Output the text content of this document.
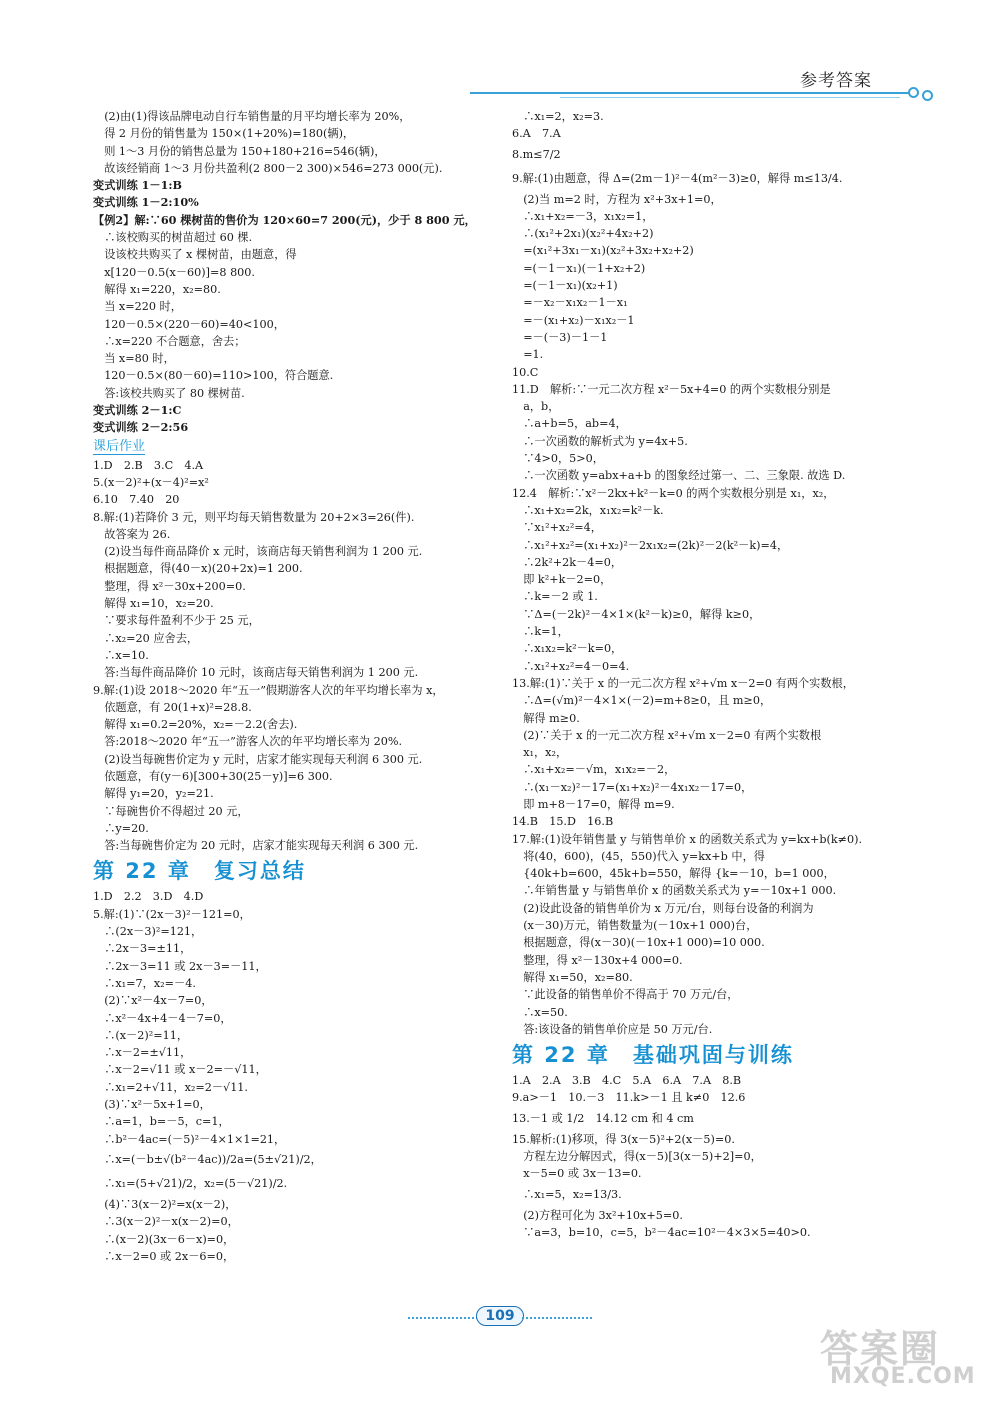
参考答案
　(2)由(1)得该品牌电动自行车销售量的月平均增长率为 20%，
　得 2 月份的销售量为 150×(1+20%)=180(辆)，
　则 1～3 月份的销售总量为 150+180+216=546(辆)，
　故该经销商 1～3 月份共盈利(2 800－2 300)×546=273 000(元).
变式训练 1－1:B
变式训练 1－2:10%
【例2】解:∵60 棵树苗的售价为 120×60=7 200(元)，少于 8 800 元，
　∴该校购买的树苗超过 60 棵.
　设该校共购买了 x 棵树苗，由题意，得
　x[120－0.5(x－60)]=8 800.
　解得 x₁=220，x₂=80.
　当 x=220 时，
　120－0.5×(220－60)=40<100，
　∴x=220 不合题意，舍去；
　当 x=80 时，
　120－0.5×(80－60)=110>100，符合题意.
　答:该校共购买了 80 棵树苗.
变式训练 2－1:C
变式训练 2－2:56
课后作业
1.D　2.B　3.C　4.A
5.(x－2)²+(x－4)²=x²
6.10　7.40　20
8.解:(1)若降价 3 元，则平均每天销售数量为 20+2×3=26(件).
　故答案为 26.
　(2)设当每件商品降价 x 元时，该商店每天销售利润为 1 200 元.
　根据题意，得(40－x)(20+2x)=1 200.
　整理，得 x²－30x+200=0.
　解得 x₁=10，x₂=20.
　∵要求每件盈利不少于 25 元，
　∴x₂=20 应舍去，
　∴x=10.
　答:当每件商品降价 10 元时，该商店每天销售利润为 1 200 元.
9.解:(1)设 2018～2020 年“五一”假期游客人次的年平均增长率为 x，
　依题意，有 20(1+x)²=28.8.
　解得 x₁=0.2=20%，x₂=－2.2(舍去).
　答:2018～2020 年“五一”游客人次的年平均增长率为 20%.
　(2)设当每碗售价定为 y 元时，店家才能实现每天利润 6 300 元.
　依题意，有(y－6)[300+30(25－y)]=6 300.
　解得 y₁=20，y₂=21.
　∵每碗售价不得超过 20 元，
　∴y=20.
　答:当每碗售价定为 20 元时，店家才能实现每天利润 6 300 元.
第 22 章　复习总结
1.D　2.2　3.D　4.D
5.解:(1)∵(2x－3)²－121=0，
　∴(2x－3)²=121，
　∴2x－3=±11，
　∴2x－3=11 或 2x－3=－11，
　∴x₁=7，x₂=－4.
　(2)∵x²－4x－7=0，
　∴x²－4x+4－4－7=0，
　∴(x－2)²=11，
　∴x－2=±√11，
　∴x－2=√11 或 x－2=－√11，
　∴x₁=2+√11，x₂=2－√11.
　(3)∵x²－5x+1=0，
　∴a=1，b=－5，c=1，
　∴b²－4ac=(－5)²－4×1×1=21，
　∴x=(－b±√(b²－4ac))/2a=(5±√21)/2，
　∴x₁=(5+√21)/2，x₂=(5－√21)/2.
　(4)∵3(x－2)²=x(x－2)，
　∴3(x－2)²－x(x－2)=0，
　∴(x－2)(3x－6－x)=0，
　∴x－2=0 或 2x－6=0，
　∴x₁=2，x₂=3.
6.A　7.A
8.m≤7/2
9.解:(1)由题意，得 Δ=(2m－1)²－4(m²－3)≥0，解得 m≤13/4.
　(2)当 m=2 时，方程为 x²+3x+1=0，
　∴x₁+x₂=－3，x₁x₂=1，
　∴(x₁²+2x₁)(x₂²+4x₂+2)
　=(x₁²+3x₁－x₁)(x₂²+3x₂+x₂+2)
　=(－1－x₁)(－1+x₂+2)
　=(－1－x₁)(x₂+1)
　=－x₂－x₁x₂－1－x₁
　=－(x₁+x₂)－x₁x₂－1
　=－(－3)－1－1
　=1.
10.C
11.D　解析:∵一元二次方程 x²－5x+4=0 的两个实数根分别是
　a，b，
　∴a+b=5，ab=4，
　∴一次函数的解析式为 y=4x+5.
　∵4>0，5>0，
　∴一次函数 y=abx+a+b 的图象经过第一、二、三象限. 故选 D.
12.4　解析:∵x²－2kx+k²－k=0 的两个实数根分别是 x₁，x₂，
　∴x₁+x₂=2k，x₁x₂=k²－k.
　∵x₁²+x₂²=4，
　∴x₁²+x₂²=(x₁+x₂)²－2x₁x₂=(2k)²－2(k²－k)=4，
　∴2k²+2k－4=0，
　即 k²+k－2=0，
　∴k=－2 或 1.
　∵Δ=(－2k)²－4×1×(k²－k)≥0，解得 k≥0，
　∴k=1，
　∴x₁x₂=k²－k=0，
　∴x₁²+x₂²=4－0=4.
13.解:(1)∵关于 x 的一元二次方程 x²+√m x－2=0 有两个实数根，
　∴Δ=(√m)²－4×1×(－2)=m+8≥0，且 m≥0，
　解得 m≥0.
　(2)∵关于 x 的一元二次方程 x²+√m x－2=0 有两个实数根
　x₁，x₂，
　∴x₁+x₂=－√m，x₁x₂=－2，
　∴(x₁－x₂)²－17=(x₁+x₂)²－4x₁x₂－17=0，
　即 m+8－17=0，解得 m=9.
14.B　15.D　16.B
17.解:(1)设年销售量 y 与销售单价 x 的函数关系式为 y=kx+b(k≠0).
　将(40，600)，(45，550)代入 y=kx+b 中，得
　{40k+b=600，45k+b=550，解得 {k=－10，b=1 000，
　∴年销售量 y 与销售单价 x 的函数关系式为 y=－10x+1 000.
　(2)设此设备的销售单价为 x 万元/台，则每台设备的利润为
　(x－30)万元，销售数量为(－10x+1 000)台，
　根据题意，得(x－30)(－10x+1 000)=10 000.
　整理，得 x²－130x+4 000=0.
　解得 x₁=50，x₂=80.
　∵此设备的销售单价不得高于 70 万元/台，
　∴x=50.
　答:该设备的销售单价应是 50 万元/台.
第 22 章　基础巩固与训练
1.A　2.A　3.B　4.C　5.A　6.A　7.A　8.B
9.a>－1　10.－3　11.k>－1 且 k≠0　12.6
13.－1 或 1/2　14.12 cm 和 4 cm
15.解析:(1)移项，得 3(x－5)²+2(x－5)=0.
　方程左边分解因式，得(x－5)[3(x－5)+2]=0，
　x－5=0 或 3x－13=0.
　∴x₁=5，x₂=13/3.
　(2)方程可化为 3x²+10x+5=0.
　∵a=3，b=10，c=5，b²－4ac=10²－4×3×5=40>0.
109
答案圈
MXQE.COM
